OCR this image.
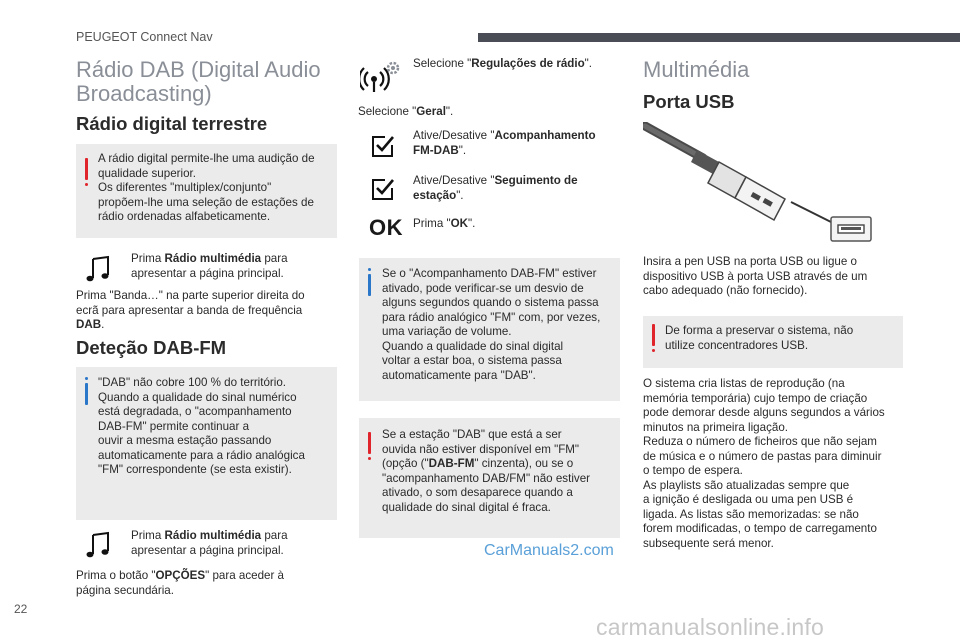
PEUGEOT Connect Nav
Rádio DAB (Digital Audio
Broadcasting)
Rádio digital terrestre
A rádio digital permite-lhe uma audição de
qualidade superior.
Os diferentes "multiplex/conjunto"
propõem-lhe uma seleção de estações de
rádio ordenadas alfabeticamente.
Prima Rádio multimédia para
apresentar a página principal.
Prima "Banda…" na parte superior direita do
ecrã para apresentar a banda de frequência
DAB.
Deteção DAB-FM
"DAB" não cobre 100 % do território.
Quando a qualidade do sinal numérico
está degradada, o "acompanhamento
DAB-FM" permite continuar a
ouvir a mesma estação passando
automaticamente para a rádio analógica
"FM" correspondente (se esta existir).
Prima Rádio multimédia para
apresentar a página principal.
Prima o botão "OPÇÕES" para aceder à
página secundária.
Selecione "Regulações de rádio".
Selecione "Geral".
Ative/Desative "Acompanhamento
FM-DAB".
Ative/Desative "Seguimento de
estação".
OK Prima "OK".
Se o "Acompanhamento DAB-FM" estiver
ativado, pode verificar-se um desvio de
alguns segundos quando o sistema passa
para rádio analógico "FM" com, por vezes,
uma variação de volume.
Quando a qualidade do sinal digital
voltar a estar boa, o sistema passa
automaticamente para "DAB".
Se a estação "DAB" que está a ser
ouvida não estiver disponível em "FM"
(opção ("DAB-FM" cinzenta), ou se o
"acompanhamento DAB/FM" não estiver
ativado, o som desaparece quando a
qualidade do sinal digital é fraca.
Multimédia
Porta USB
Insira a pen USB na porta USB ou ligue o
dispositivo USB à porta USB através de um
cabo adequado (não fornecido).
De forma a preservar o sistema, não
utilize concentradores USB.
O sistema cria listas de reprodução (na
memória temporária) cujo tempo de criação
pode demorar desde alguns segundos a vários
minutos na primeira ligação.
Reduza o número de ficheiros que não sejam
de música e o número de pastas para diminuir
o tempo de espera.
As playlists são atualizadas sempre que
a ignição é desligada ou uma pen USB é
ligada. As listas são memorizadas: se não
forem modificadas, o tempo de carregamento
subsequente será menor.
CarManuals2.com
22
carmanualsonline.info
